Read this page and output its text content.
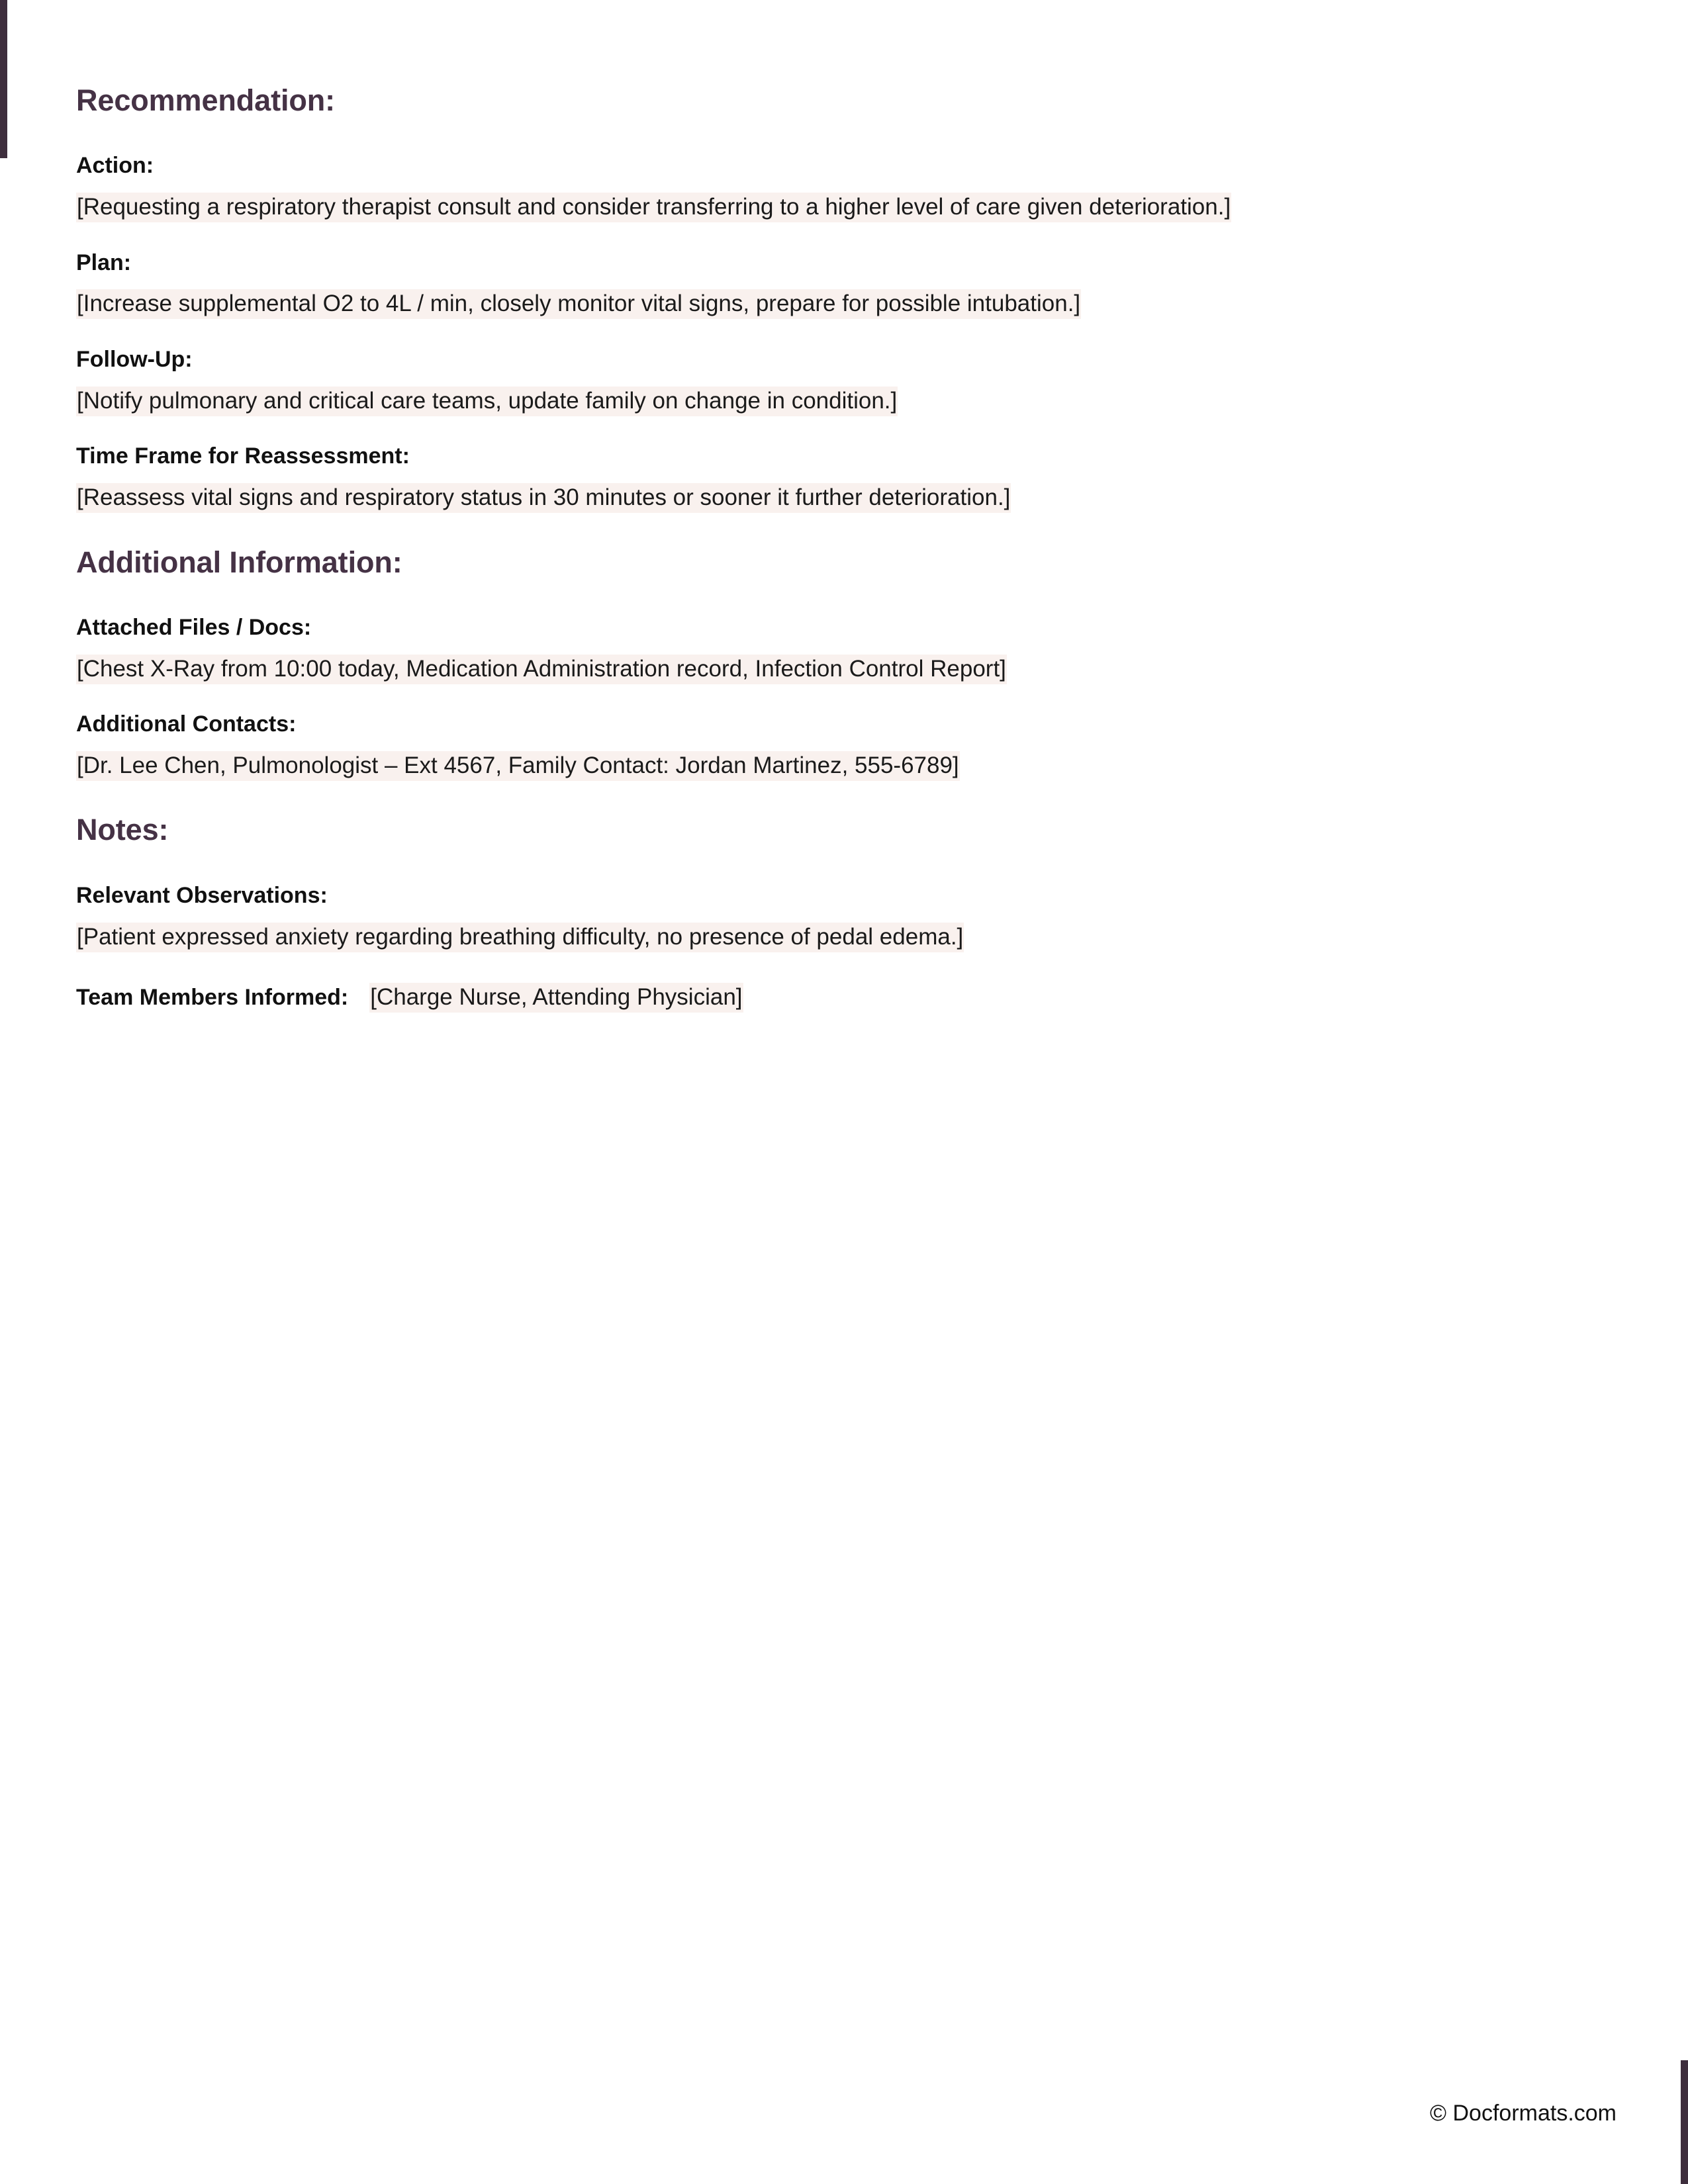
Recommendation:
Action:

[Requesting a respiratory therapist consult and consider transferring to a higher level of care given deterioration.]

Plan:

[Increase supplemental O2 to 4L / min, closely monitor vital signs, prepare for possible intubation.]

Follow-Up:

[Notify pulmonary and critical care teams, update family on change in condition.]

Time Frame for Reassessment:

[Reassess vital signs and respiratory status in 30 minutes or sooner it further deterioration.]

Additional Information:
Attached Files / Docs:

[Chest X-Ray from 10:00 today, Medication Administration record, Infection Control Report]

Additional Contacts:

[Dr. Lee Chen, Pulmonologist – Ext 4567, Family Contact: Jordan Martinez, 555-6789]

Notes:
Relevant Observations:

[Patient expressed anxiety regarding breathing difficulty, no presence of pedal edema.]

Team Members Informed: [Charge Nurse, Attending Physician]

© Docformats.com
